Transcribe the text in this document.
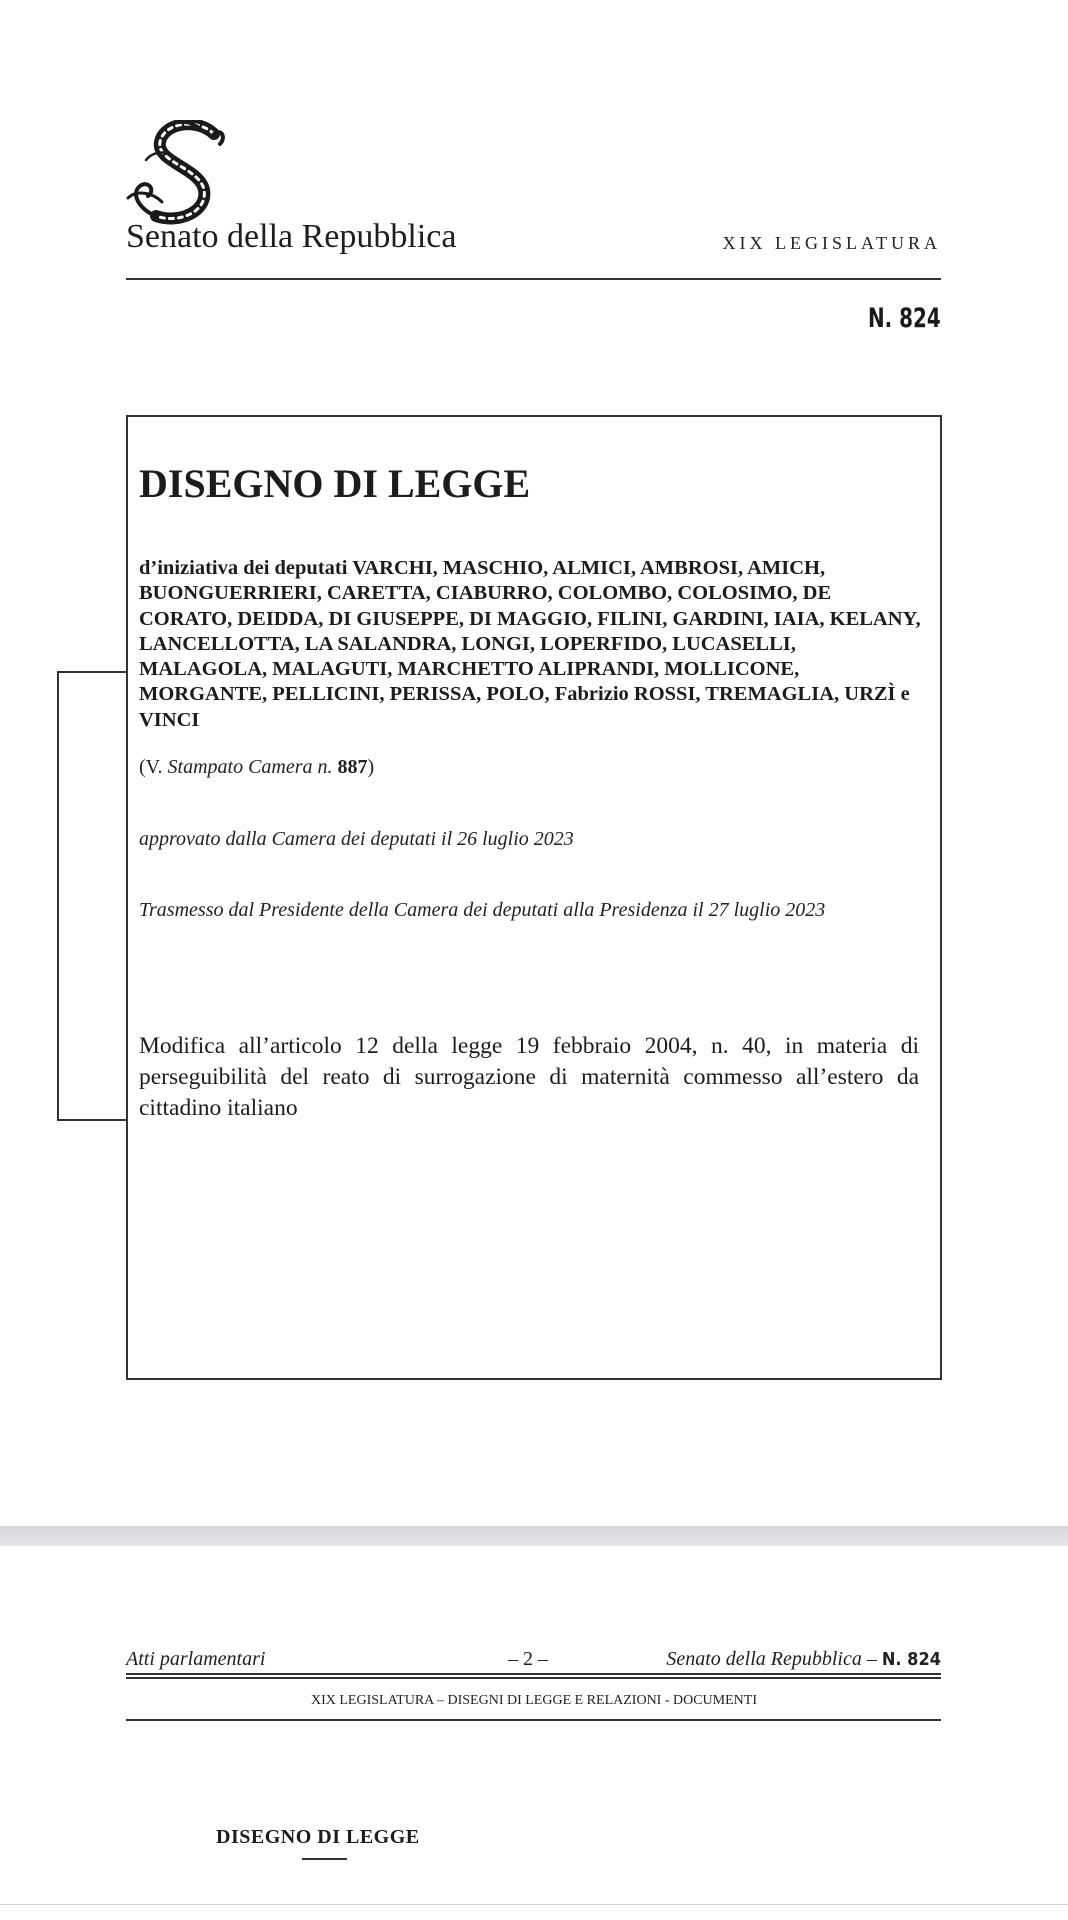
Senato della Repubblica	XIX LEGISLATURA
N. 824
DISEGNO DI LEGGE
d’iniziativa dei deputati VARCHI, MASCHIO, ALMICI, AMBROSI, AMICH, BUONGUERRIERI, CARETTA, CIABURRO, COLOMBO, COLOSIMO, DE CORATO, DEIDDA, DI GIUSEPPE, DI MAGGIO, FILINI, GARDINI, IAIA, KELANY, LANCELLOTTA, LA SALANDRA, LONGI, LOPERFIDO, LUCASELLI, MALAGOLA, MALAGUTI, MARCHETTO ALIPRANDI, MOLLICONE, MORGANTE, PELLICINI, PERISSA, POLO, Fabrizio ROSSI, TREMAGLIA, URZÌ e VINCI
(V. Stampato Camera n. 887)
approvato dalla Camera dei deputati il 26 luglio 2023
Trasmesso dal Presidente della Camera dei deputati alla Presidenza il 27 luglio 2023
Modifica all’articolo 12 della legge 19 febbraio 2004, n. 40, in materia di perseguibilità del reato di surrogazione di maternità commesso all’estero da cittadino italiano
Atti parlamentari	– 2 –	Senato della Repubblica – N. 824
XIX LEGISLATURA – DISEGNI DI LEGGE E RELAZIONI - DOCUMENTI
DISEGNO DI LEGGE
